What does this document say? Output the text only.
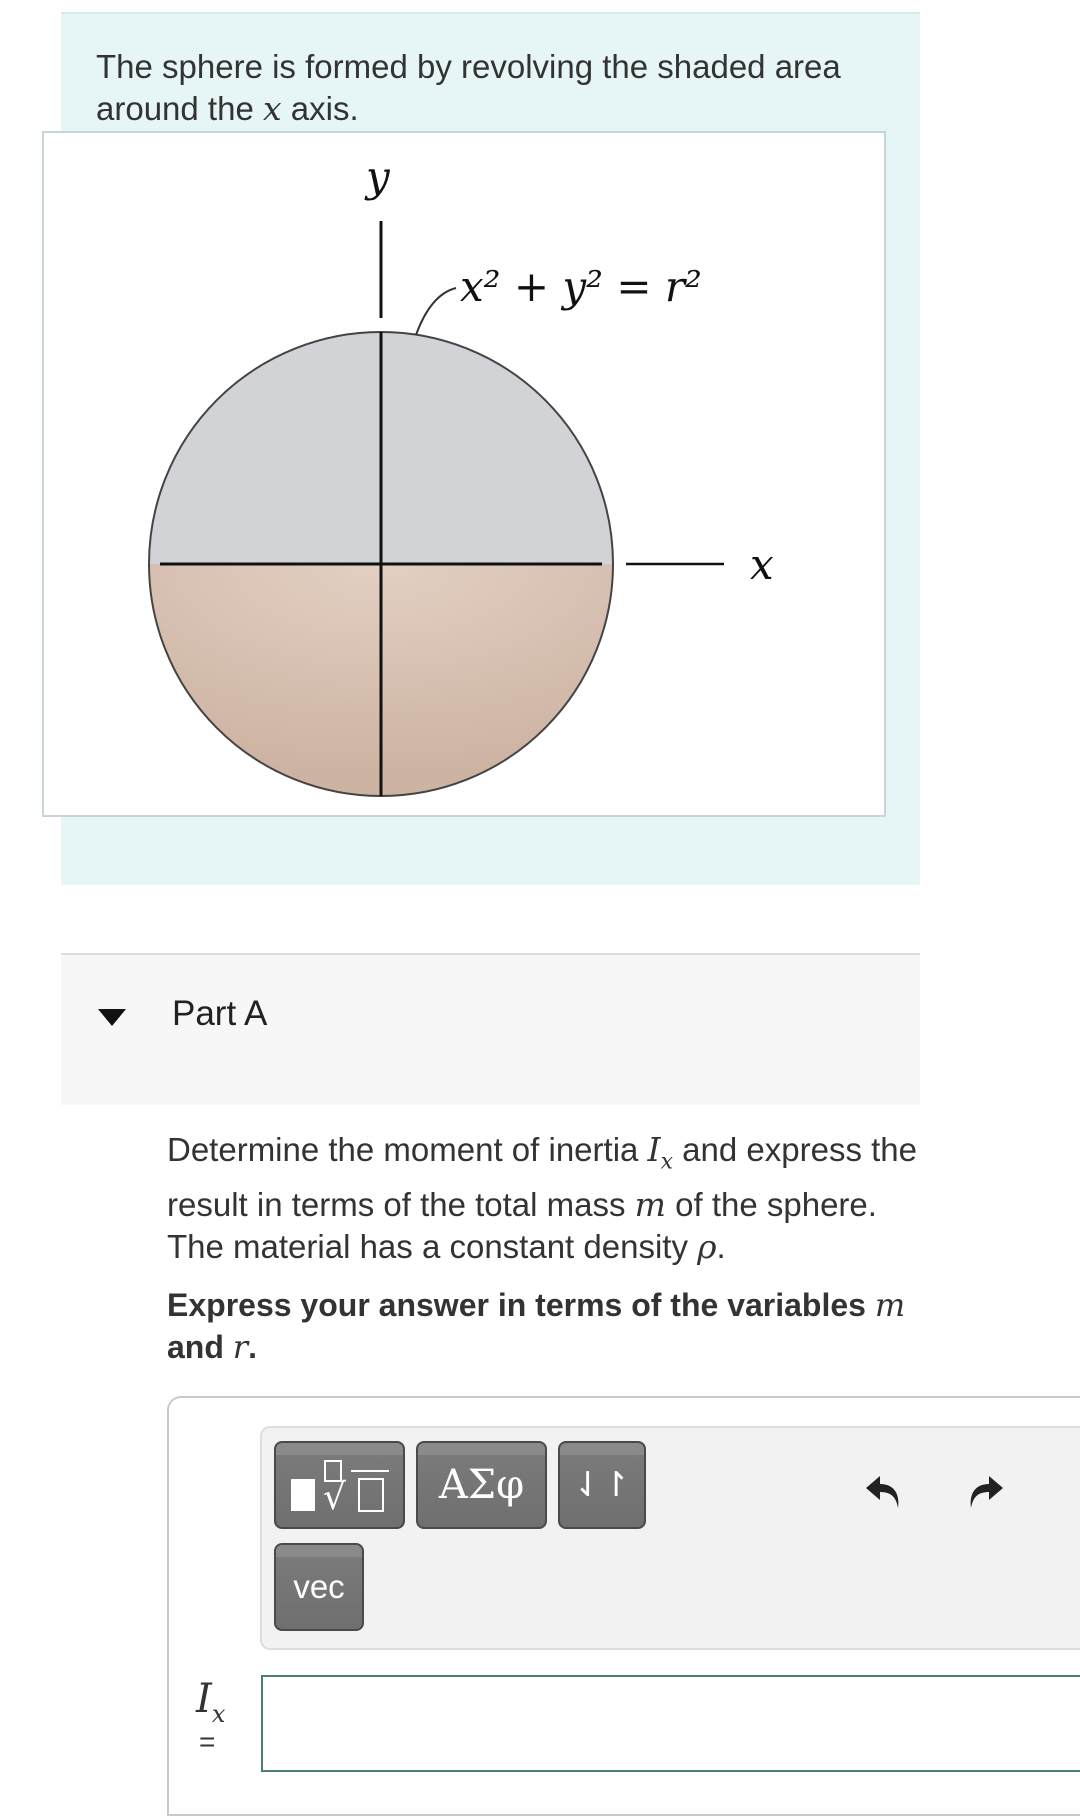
The sphere is formed by revolving the shaded area around the x axis.
y
x
x² + y² = r²
Part A
Determine the moment of inertia $I_x$ and express the result in terms of the total mass m of the sphere. The material has a constant density ρ.
Express your answer in terms of the variables m and r.
√	ΑΣφ	⇃↾
vec
$I_x$
=
